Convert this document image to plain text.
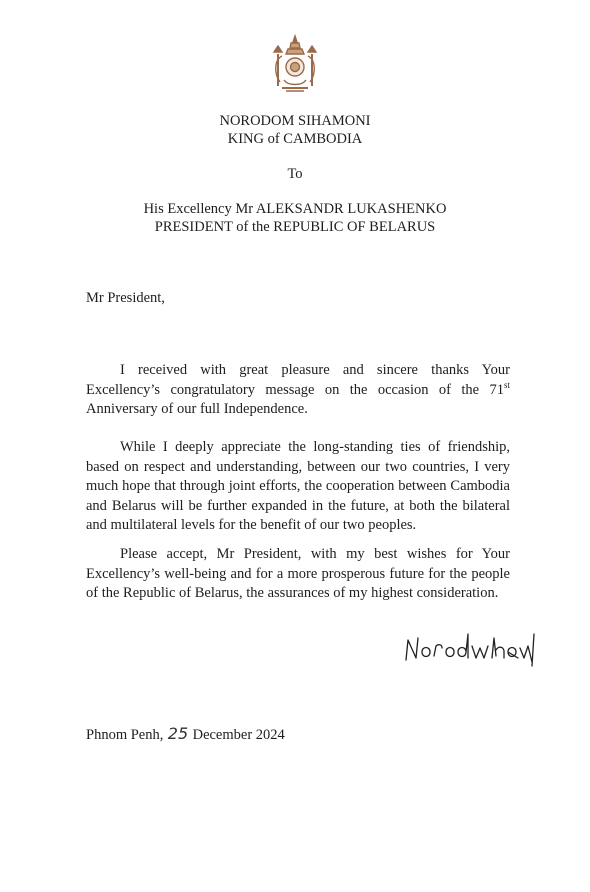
NORODOM SIHAMONI
KING of CAMBODIA
To
His Excellency Mr ALEKSANDR LUKASHENKO
PRESIDENT of the REPUBLIC OF BELARUS
Mr President,

I received with great pleasure and sincere thanks Your Excellency’s congratulatory message on the occasion of the 71st Anniversary of our full Independence.

While I deeply appreciate the long-standing ties of friendship, based on respect and understanding, between our two countries, I very much hope that through joint efforts, the cooperation between Cambodia and Belarus will be further expanded in the future, at both the bilateral and multilateral levels for the benefit of our two peoples.

Please accept, Mr President, with my best wishes for Your Excellency’s well-being and for a more prosperous future for the people of the Republic of Belarus, the assurances of my highest consideration.

Phnom Penh, 25 December 2024
